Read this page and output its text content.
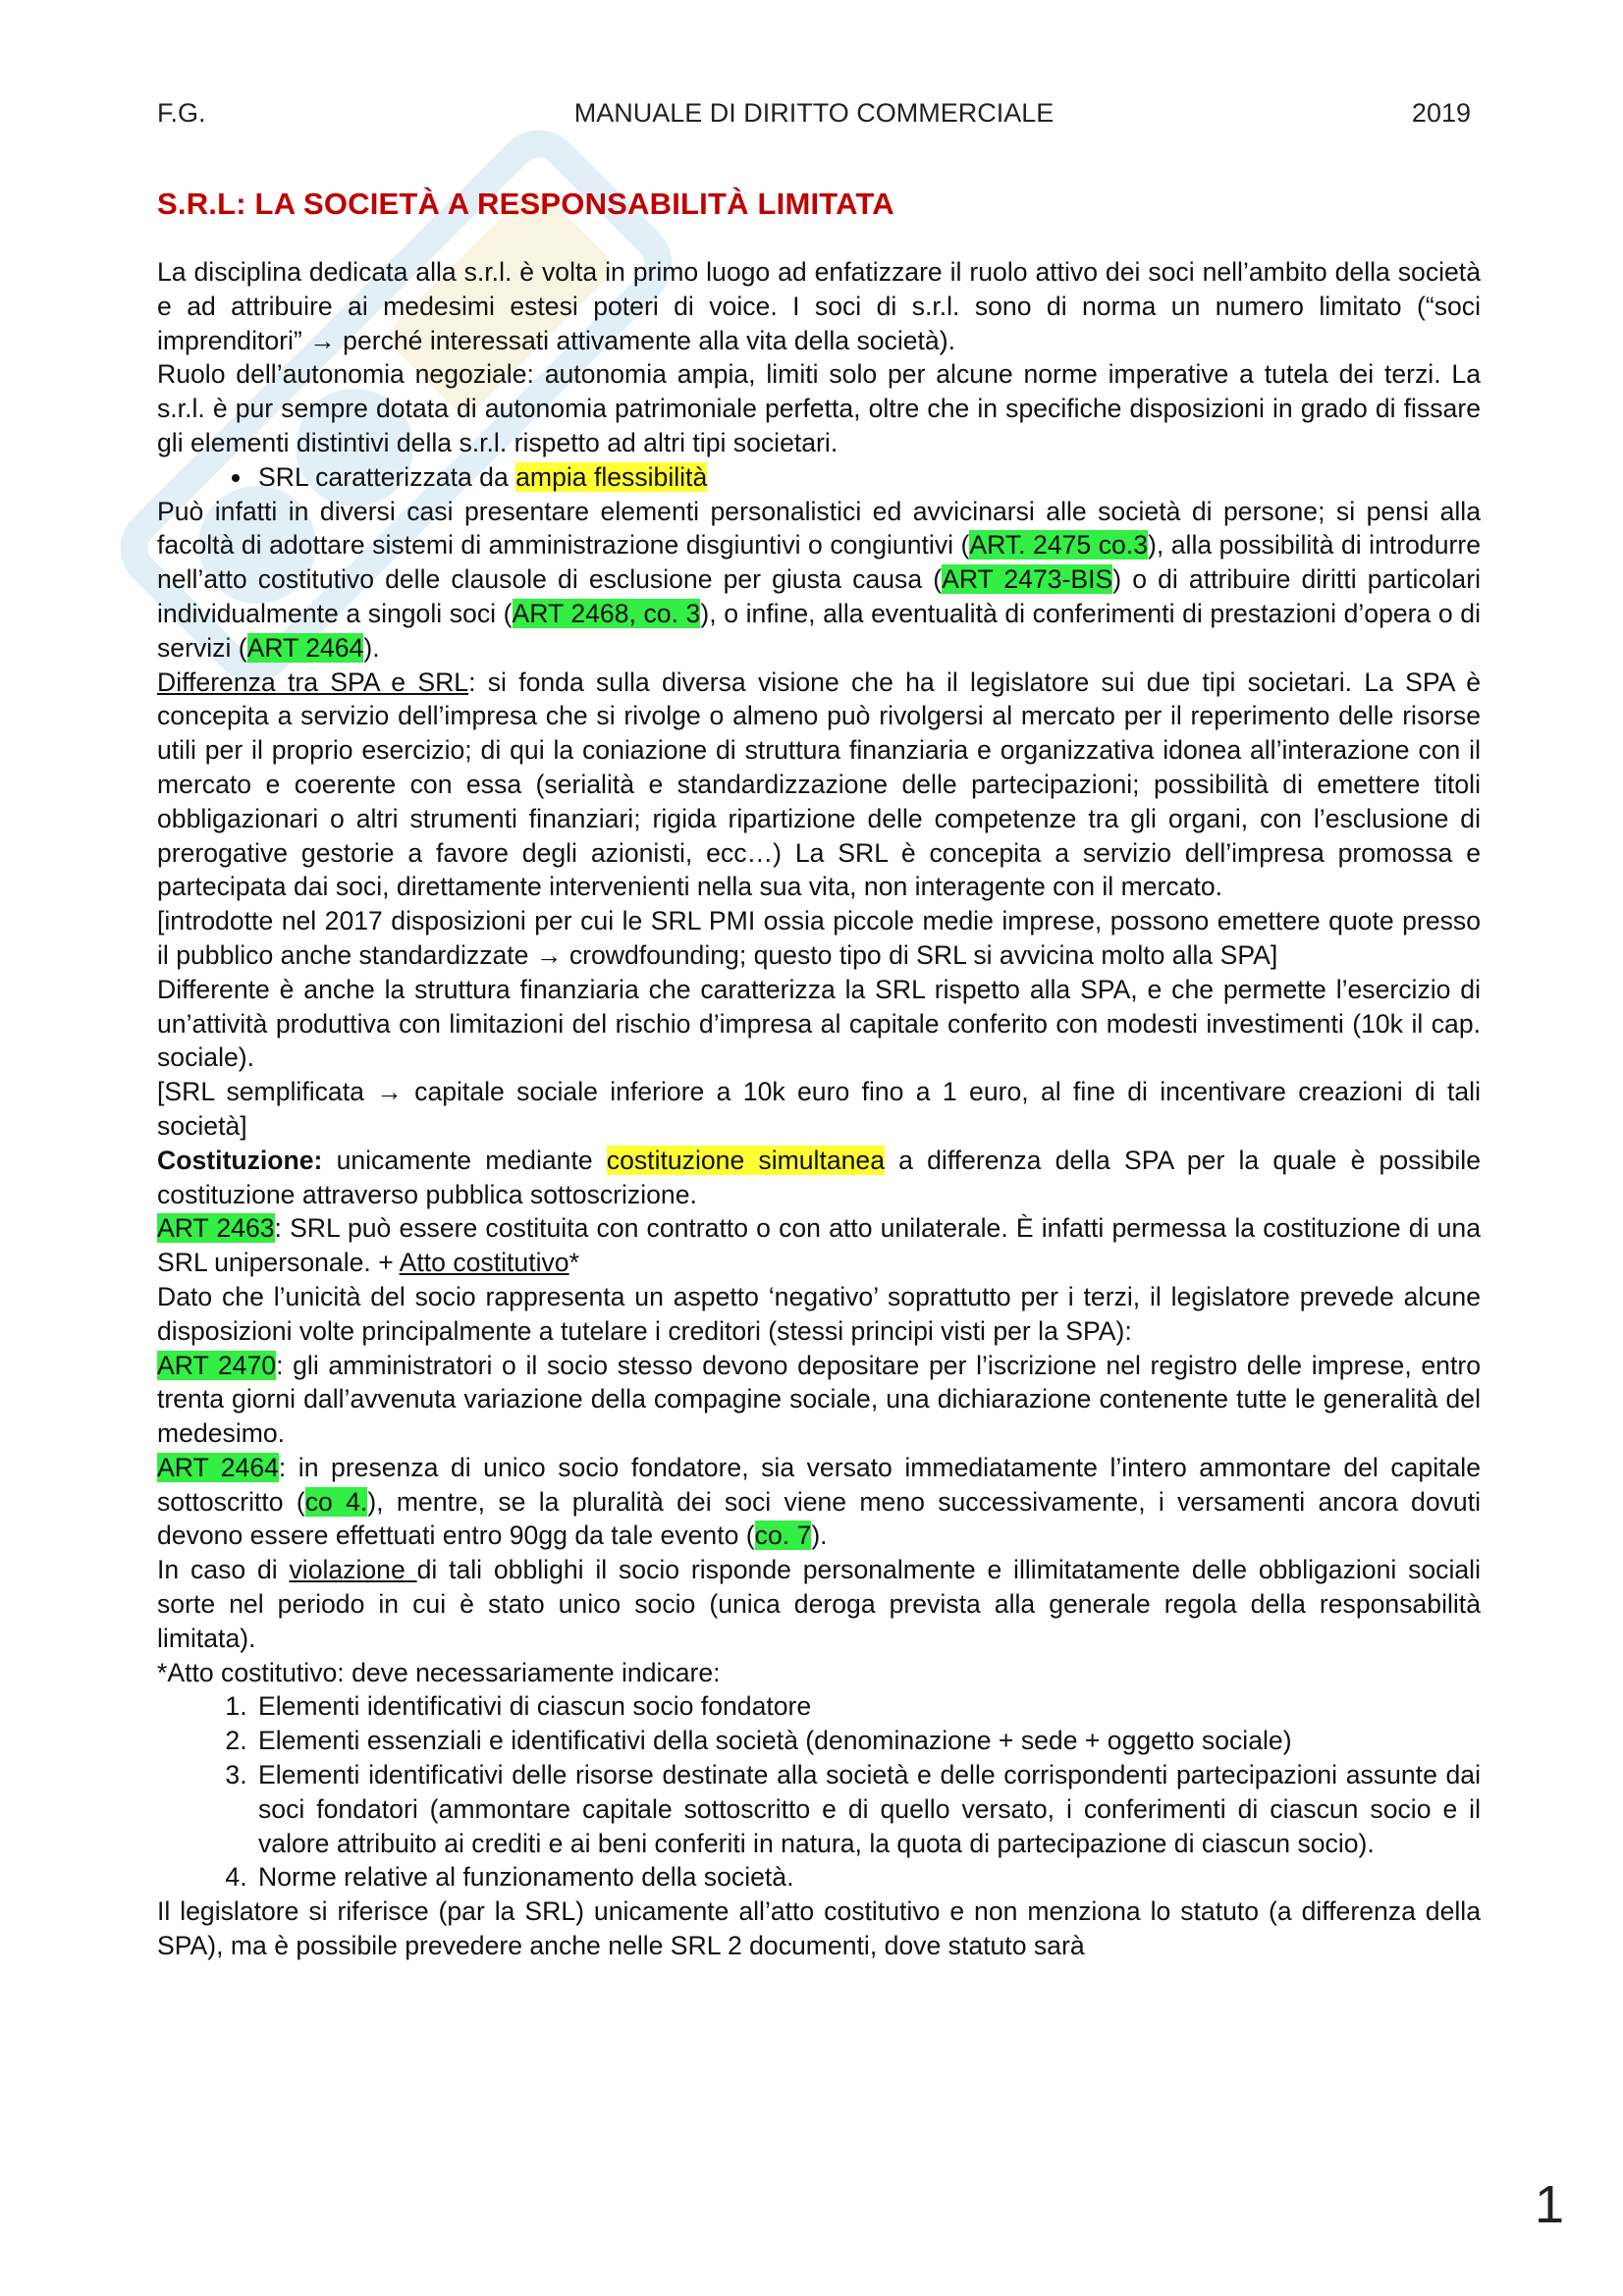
F.G.	MANUALE DI DIRITTO COMMERCIALE	2019
S.R.L: LA SOCIETÀ A RESPONSABILITÀ LIMITATA

La disciplina dedicata alla s.r.l. è volta in primo luogo ad enfatizzare il ruolo attivo dei soci nell’ambito della società e ad attribuire ai medesimi estesi poteri di voice. I soci di s.r.l. sono di norma un numero limitato (“soci imprenditori” → perché interessati attivamente alla vita della società).

Ruolo dell’autonomia negoziale: autonomia ampia, limiti solo per alcune norme imperative a tutela dei terzi. La s.r.l. è pur sempre dotata di autonomia patrimoniale perfetta, oltre che in specifiche disposizioni in grado di fissare gli elementi distintivi della s.r.l. rispetto ad altri tipi societari.

• SRL caratterizzata da ampia flessibilità

Può infatti in diversi casi presentare elementi personalistici ed avvicinarsi alle società di persone; si pensi alla facoltà di adottare sistemi di amministrazione disgiuntivi o congiuntivi (ART. 2475 co.3), alla possibilità di introdurre nell’atto costitutivo delle clausole di esclusione per giusta causa (ART 2473-BIS) o di attribuire diritti particolari individualmente a singoli soci (ART 2468, co. 3), o infine, alla eventualità di conferimenti di prestazioni d’opera o di servizi (ART 2464).

Differenza tra SPA e SRL: si fonda sulla diversa visione che ha il legislatore sui due tipi societari. La SPA è concepita a servizio dell’impresa che si rivolge o almeno può rivolgersi al mercato per il reperimento delle risorse utili per il proprio esercizio; di qui la coniazione di struttura finanziaria e organizzativa idonea all’interazione con il mercato e coerente con essa (serialità e standardizzazione delle partecipazioni; possibilità di emettere titoli obbligazionari o altri strumenti finanziari; rigida ripartizione delle competenze tra gli organi, con l’esclusione di prerogative gestorie a favore degli azionisti, ecc…) La SRL è concepita a servizio dell’impresa promossa e partecipata dai soci, direttamente intervenienti nella sua vita, non interagente con il mercato.

[introdotte nel 2017 disposizioni per cui le SRL PMI ossia piccole medie imprese, possono emettere quote presso il pubblico anche standardizzate → crowdfounding; questo tipo di SRL si avvicina molto alla SPA]

Differente è anche la struttura finanziaria che caratterizza la SRL rispetto alla SPA, e che permette l’esercizio di un’attività produttiva con limitazioni del rischio d’impresa al capitale conferito con modesti investimenti (10k il cap. sociale).

[SRL semplificata → capitale sociale inferiore a 10k euro fino a 1 euro, al fine di incentivare creazioni di tali società]

Costituzione: unicamente mediante costituzione simultanea a differenza della SPA per la quale è possibile costituzione attraverso pubblica sottoscrizione.

ART 2463: SRL può essere costituita con contratto o con atto unilaterale. È infatti permessa la costituzione di una SRL unipersonale. + Atto costitutivo*

Dato che l’unicità del socio rappresenta un aspetto ‘negativo’ soprattutto per i terzi, il legislatore prevede alcune disposizioni volte principalmente a tutelare i creditori (stessi principi visti per la SPA):

ART 2470: gli amministratori o il socio stesso devono depositare per l’iscrizione nel registro delle imprese, entro trenta giorni dall’avvenuta variazione della compagine sociale, una dichiarazione contenente tutte le generalità del medesimo.

ART 2464: in presenza di unico socio fondatore, sia versato immediatamente l’intero ammontare del capitale sottoscritto (co 4.), mentre, se la pluralità dei soci viene meno successivamente, i versamenti ancora dovuti devono essere effettuati entro 90gg da tale evento (co. 7).

In caso di violazione di tali obblighi il socio risponde personalmente e illimitatamente delle obbligazioni sociali sorte nel periodo in cui è stato unico socio (unica deroga prevista alla generale regola della responsabilità limitata).

*Atto costitutivo: deve necessariamente indicare:

1. Elementi identificativi di ciascun socio fondatore
2. Elementi essenziali e identificativi della società (denominazione + sede + oggetto sociale)
3. Elementi identificativi delle risorse destinate alla società e delle corrispondenti partecipazioni assunte dai soci fondatori (ammontare capitale sottoscritto e di quello versato, i conferimenti di ciascun socio e il valore attribuito ai crediti e ai beni conferiti in natura, la quota di partecipazione di ciascun socio).
4. Norme relative al funzionamento della società.

Il legislatore si riferisce (par la SRL) unicamente all’atto costitutivo e non menziona lo statuto (a differenza della SPA), ma è possibile prevedere anche nelle SRL 2 documenti, dove statuto sarà

1
